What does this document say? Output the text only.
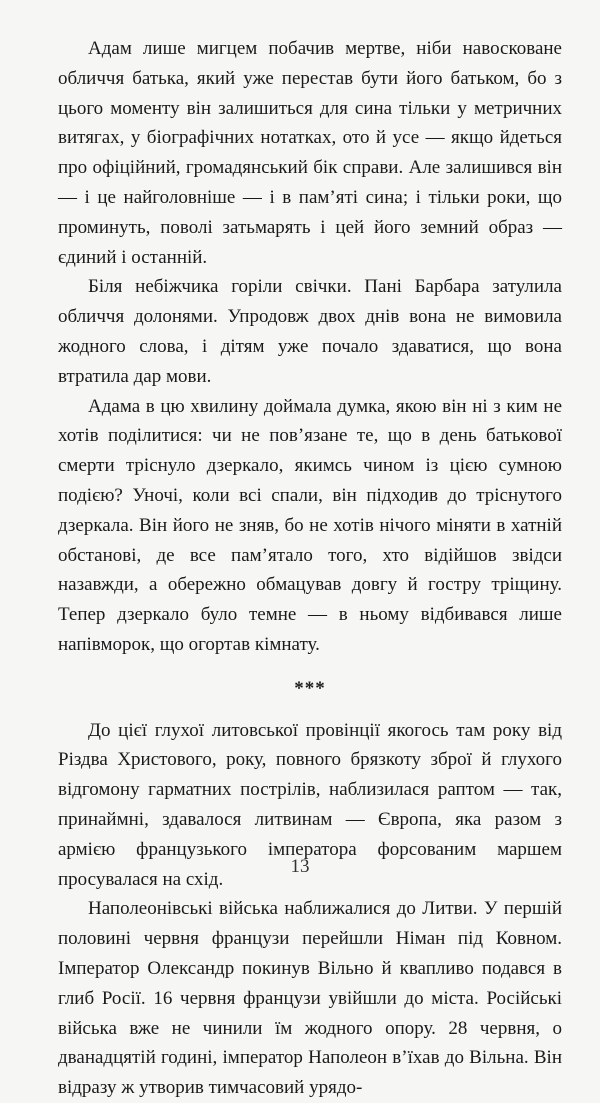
Адам лише мигцем побачив мертве, ніби навосковане обличчя батька, який уже перестав бути його батьком, бо з цього моменту він залишиться для сина тільки у метричних витягах, у біографічних нотатках, ото й усе — якщо йдеться про офіційний, громадянський бік справи. Але залишився він — і це найголовніше — і в пам’яті сина; і тільки роки, що проминуть, поволі затьмарять і цей його земний образ — єдиний і останній.

Біля небіжчика горіли свічки. Пані Барбара затулила обличчя долонями. Упродовж двох днів вона не вимовила жодного слова, і дітям уже почало здаватися, що вона втратила дар мови.

Адама в цю хвилину доймала думка, якою він ні з ким не хотів поділитися: чи не пов’язане те, що в день батькової смерти тріснуло дзеркало, якимсь чином із цією сумною подією? Уночі, коли всі спали, він підходив до тріснутого дзеркала. Він його не зняв, бо не хотів нічого міняти в хатній обстанові, де все пам’ятало того, хто відійшов звідси назавжди, а обережно обмацував довгу й гостру тріщину. Тепер дзеркало було темне — в ньому відбивався лише напівморок, що огортав кімнату.

***

До цієї глухої литовської провінції якогось там року від Різдва Христового, року, повного брязкоту зброї й глухого відгомону гарматних пострілів, наблизилася раптом — так, принаймні, здавалося литвинам — Європа, яка разом з армією французького імператора форсованим маршем просувалася на схід.

Наполеонівські війська наближалися до Литви. У першій половині червня французи перейшли Німан під Ковном. Імператор Олександр покинув Вільно й квапливо подався в глиб Росії. 16 червня французи увійшли до міста. Російські війська вже не чинили їм жодного опору. 28 червня, о дванадцятій годині, імператор Наполеон в’їхав до Вільна. Він відразу ж утворив тимчасовий урядо-

13
